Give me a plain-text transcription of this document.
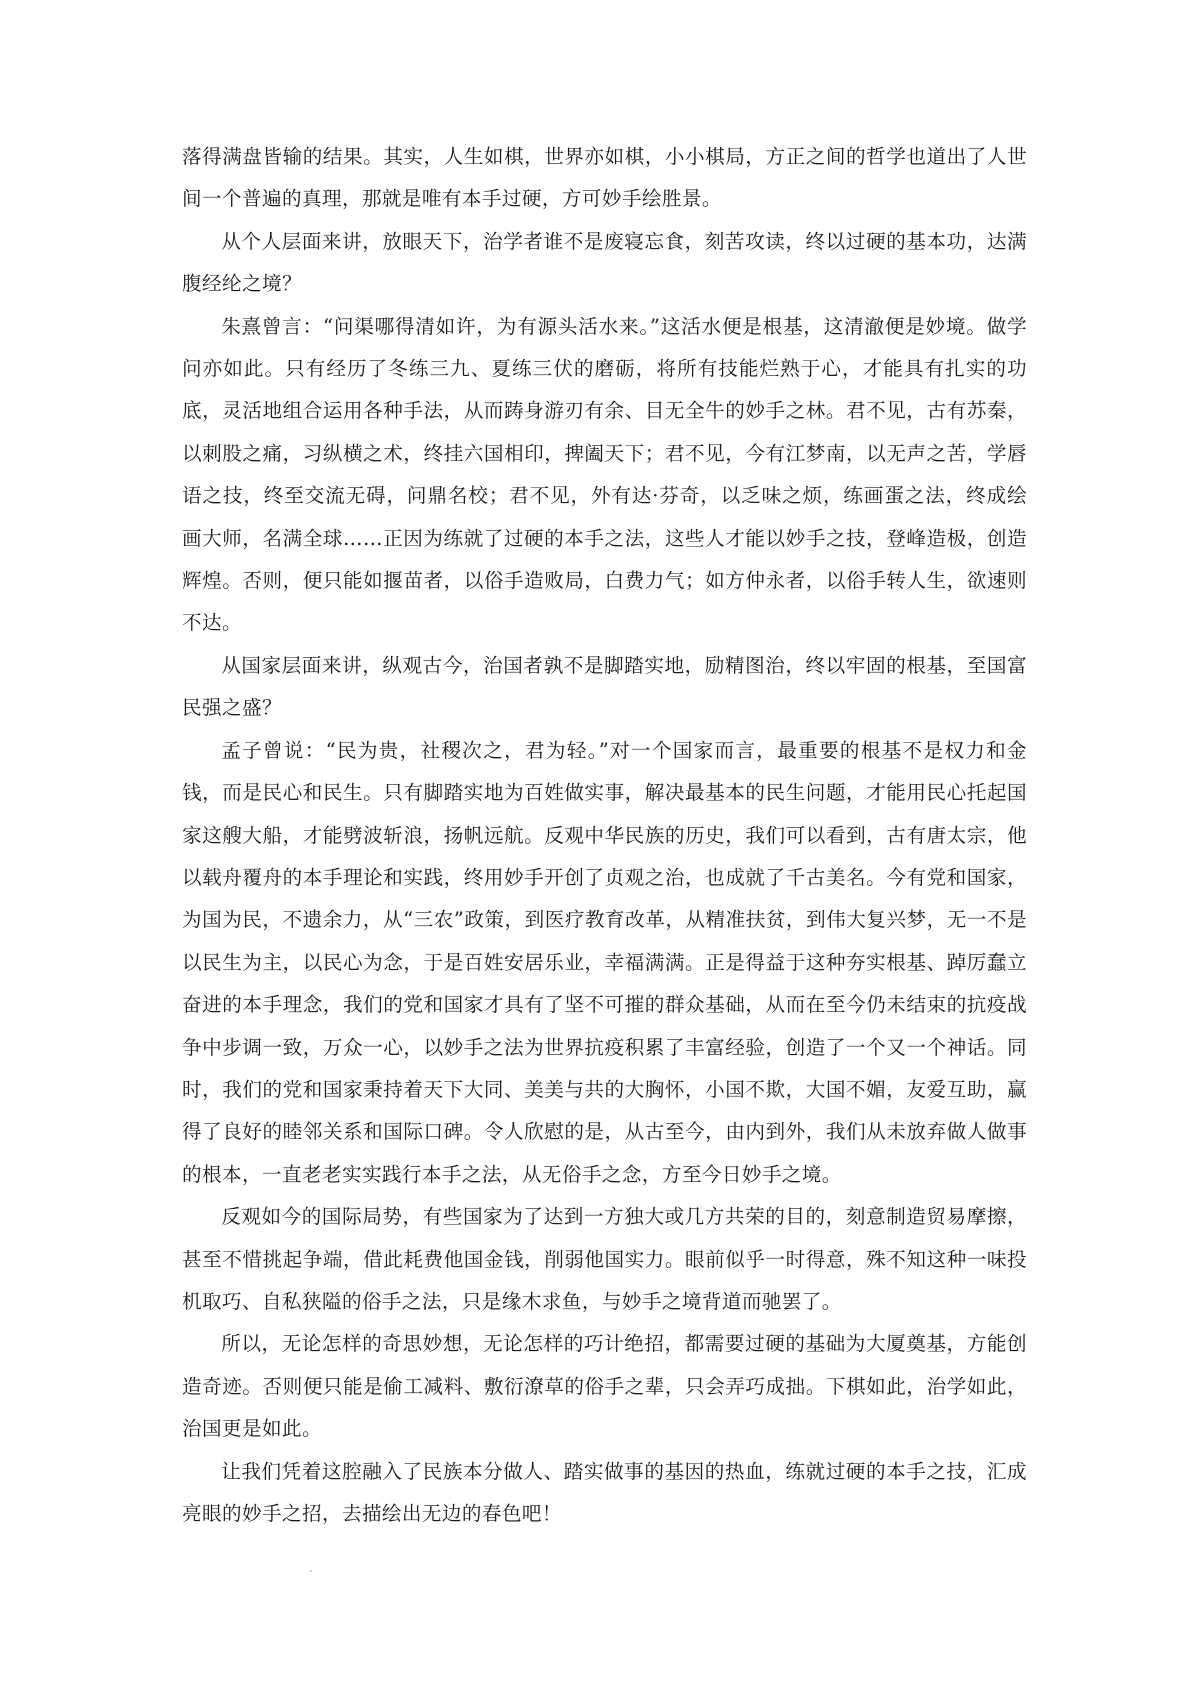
落得满盘皆输的结果。其实，人生如棋，世界亦如棋，小小棋局，方正之间的哲学也道出了人世间一个普遍的真理，那就是唯有本手过硬，方可妙手绘胜景。

从个人层面来讲，放眼天下，治学者谁不是废寝忘食，刻苦攻读，终以过硬的基本功，达满腹经纶之境？

朱熹曾言：“问渠哪得清如许，为有源头活水来。”这活水便是根基，这清澈便是妙境。做学问亦如此。只有经历了冬练三九、夏练三伏的磨砺，将所有技能烂熟于心，才能具有扎实的功底，灵活地组合运用各种手法，从而踌身游刃有余、目无全牛的妙手之林。君不见，古有苏秦，以刺股之痛，习纵横之术，终挂六国相印，捭阖天下；君不见，今有江梦南，以无声之苦，学唇语之技，终至交流无碍，问鼎名校；君不见，外有达·芬奇，以乏味之烦，练画蛋之法，终成绘画大师，名满全球……正因为练就了过硬的本手之法，这些人才能以妙手之技，登峰造极，创造辉煌。否则，便只能如揠苗者，以俗手造败局，白费力气；如方仲永者，以俗手转人生，欲速则不达。

从国家层面来讲，纵观古今，治国者孰不是脚踏实地，励精图治，终以牢固的根基，至国富民强之盛？

孟子曾说：“民为贵，社稷次之，君为轻。”对一个国家而言，最重要的根基不是权力和金钱，而是民心和民生。只有脚踏实地为百姓做实事，解决最基本的民生问题，才能用民心托起国家这艘大船，才能劈波斩浪，扬帆远航。反观中华民族的历史，我们可以看到，古有唐太宗，他以载舟覆舟的本手理论和实践，终用妙手开创了贞观之治，也成就了千古美名。今有党和国家，为国为民，不遗余力，从“三农”政策，到医疗教育改革，从精准扶贫，到伟大复兴梦，无一不是以民生为主，以民心为念，于是百姓安居乐业，幸福满满。正是得益于这种夯实根基、踔厉蠢立奋进的本手理念，我们的党和国家才具有了坚不可摧的群众基础，从而在至今仍未结束的抗疫战争中步调一致，万众一心，以妙手之法为世界抗疫积累了丰富经验，创造了一个又一个神话。同时，我们的党和国家秉持着天下大同、美美与共的大胸怀，小国不欺，大国不媚，友爱互助，赢得了良好的睦邻关系和国际口碑。令人欣慰的是，从古至今，由内到外，我们从未放弃做人做事的根本，一直老老实实践行本手之法，从无俗手之念，方至今日妙手之境。

反观如今的国际局势，有些国家为了达到一方独大或几方共荣的目的，刻意制造贸易摩擦，甚至不惜挑起争端，借此耗费他国金钱，削弱他国实力。眼前似乎一时得意，殊不知这种一味投机取巧、自私狭隘的俗手之法，只是缘木求鱼，与妙手之境背道而驰罢了。

所以，无论怎样的奇思妙想，无论怎样的巧计绝招，都需要过硬的基础为大厦奠基，方能创造奇迹。否则便只能是偷工减料、敷衍潦草的俗手之辈，只会弄巧成拙。下棋如此，治学如此，治国更是如此。

让我们凭着这腔融入了民族本分做人、踏实做事的基因的热血，练就过硬的本手之技，汇成亮眼的妙手之招，去描绘出无边的春色吧！
